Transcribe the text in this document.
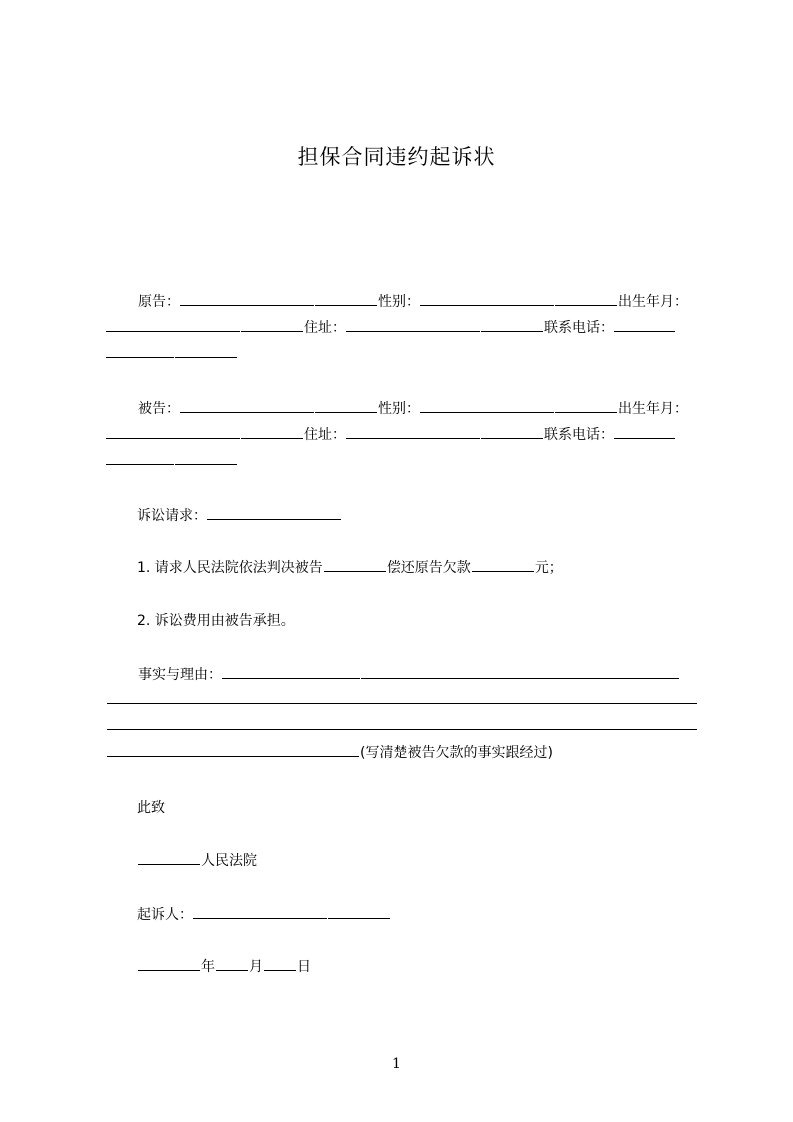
担保合同违约起诉状
原告：	性别：	出生年月：
住址：	联系电话：
被告：	性别：	出生年月：
住址：	联系电话：
诉讼请求：
1. 请求人民法院依法判决被告	偿还原告欠款	元；
2. 诉讼费用由被告承担。
事实与理由：
(写清楚被告欠款的事实跟经过)
此致
人民法院
起诉人：
年 月 日
1
